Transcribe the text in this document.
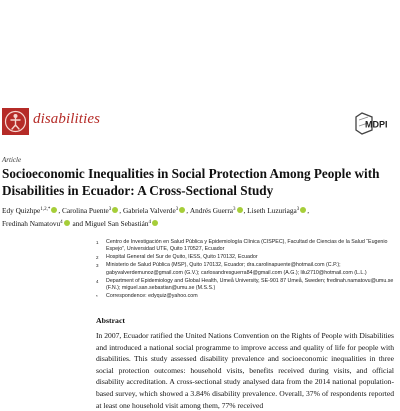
disabilities	MDPI
Article
Socioeconomic Inequalities in Social Protection Among People with Disabilities in Ecuador: A Cross-Sectional Study
Edy Quizhpe$^{1,2,*}$ , Carolina Puente$^3$ , Gabriela Valverde$^3$ , Andrés Guerra$^3$ , Liseth Luzuriaga$^3$ ,
Fredinah Namatovu$^4$ and Miguel San Sebastián$^4$
1 Centro de Investigación en Salud Pública y Epidemiología Clínica (CISPEC), Facultad de Ciencias de la Salud “Eugenio Espejo”, Universidad UTE, Quito 170527, Ecuador
2 Hospital General del Sur de Quito, IESS, Quito 170132, Ecuador
3 Ministerio de Salud Pública (MSP), Quito 170132, Ecuador; dra.carolinapuente@hotmail.com (C.P.); gabyvalverdemunoz@gmail.com (G.V.); carlosandresguerra84@gmail.com (A.G.); lilu2710@hotmail.com (L.L.)
4 Department of Epidemiology and Global Health, Umeå University, SE-901 87 Umeå, Sweden; fredinah.namatovu@umu.se (F.N.); miguel.san.sebastian@umu.se (M.S.S.)
* Correspondence: edyquiz@yahoo.com
Abstract
In 2007, Ecuador ratified the United Nations Convention on the Rights of People with Disabilities and introduced a national social programme to improve access and quality of life for people with disabilities. This study assessed disability prevalence and socioeconomic inequalities in three social protection outcomes: household visits, benefits received during visits, and official disability accreditation. A cross-sectional study analysed data from the 2014 national population-based survey, which showed a 3.84% disability prevalence. Overall, 37% of respondents reported at least one household visit among them, 77% received
